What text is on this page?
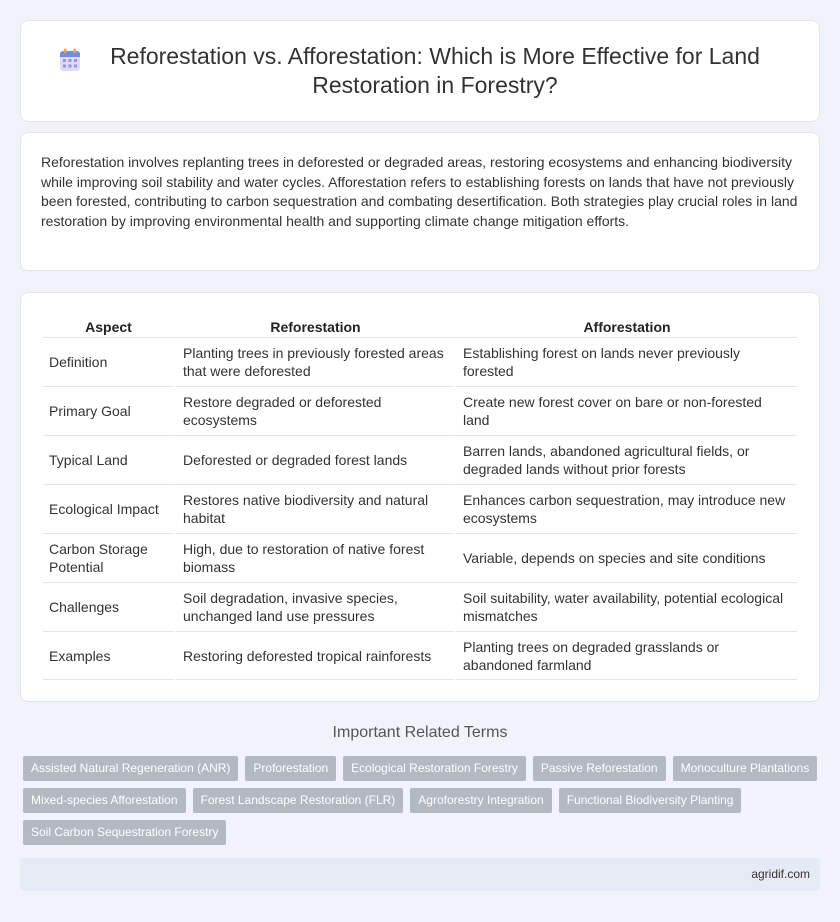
Reforestation vs. Afforestation: Which is More Effective for Land Restoration in Forestry?

Reforestation involves replanting trees in deforested or degraded areas, restoring ecosystems and enhancing biodiversity while improving soil stability and water cycles. Afforestation refers to establishing forests on lands that have not previously been forested, contributing to carbon sequestration and combating desertification. Both strategies play crucial roles in land restoration by improving environmental health and supporting climate change mitigation efforts.

Aspect	Reforestation	Afforestation
Definition	Planting trees in previously forested areas that were deforested	Establishing forest on lands never previously forested
Primary Goal	Restore degraded or deforested ecosystems	Create new forest cover on bare or non-forested land
Typical Land	Deforested or degraded forest lands	Barren lands, abandoned agricultural fields, or degraded lands without prior forests
Ecological Impact	Restores native biodiversity and natural habitat	Enhances carbon sequestration, may introduce new ecosystems
Carbon Storage Potential	High, due to restoration of native forest biomass	Variable, depends on species and site conditions
Challenges	Soil degradation, invasive species, unchanged land use pressures	Soil suitability, water availability, potential ecological mismatches
Examples	Restoring deforested tropical rainforests	Planting trees on degraded grasslands or abandoned farmland
Important Related Terms
Assisted Natural Regeneration (ANR)	Proforestation	Ecological Restoration Forestry	Passive Reforestation	Monoculture Plantations
Mixed-species Afforestation	Forest Landscape Restoration (FLR)	Agroforestry Integration	Functional Biodiversity Planting
Soil Carbon Sequestration Forestry
agridif.com
